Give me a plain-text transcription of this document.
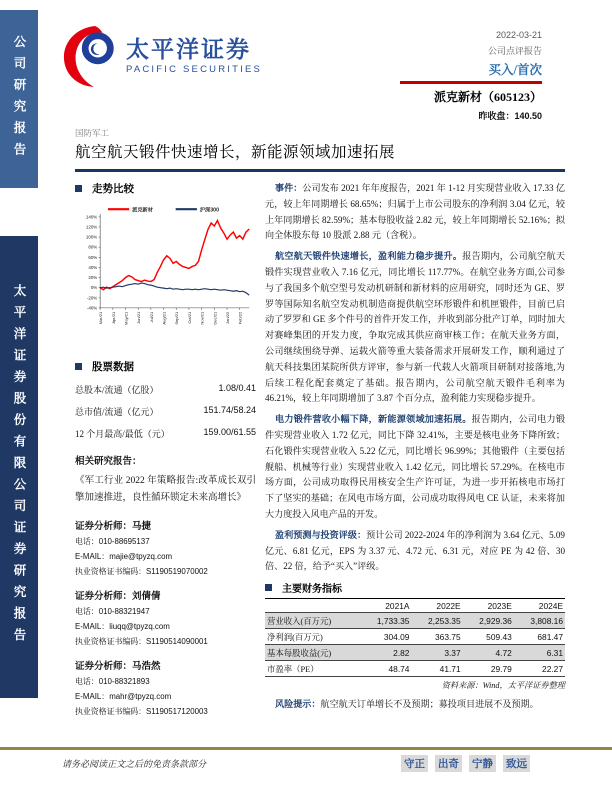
公司研究报告
太平洋证券股份有限公司证券研究报告
太平洋证券
PACIFIC SECURITIES
2022-03-21
公司点评报告
买入/首次
派克新材（605123）
昨收盘：140.50
国防军工
航空航天锻件快速增长，新能源领域加速拓展
走势比较
140%
120%
100%
80%
60%
40%
20%
0%
-20%
-40%
Mar/21 Apr/21 May/21 Jun/21 Jul/21 Aug/21 Sep/21 Oct/21 Nov/21 Dec/21 Jan/22 Feb/22
派克新材	沪深300
股票数据
总股本/流通（亿股）	1.08/0.41
总市值/流通（亿元）	151.74/58.24
12 个月最高/最低（元）	159.00/61.55
相关研究报告：
《军工行业 2022 年策略报告:改革成长双引擎加速推进，良性循环锁定未来高增长》
证券分析师：马捷
电话：010-88695137
E-MAIL：majie@tpyzq.com
执业资格证书编码：S1190519070002
证券分析师：刘倩倩
电话：010-88321947
E-MAIL：liuqq@tpyzq.com
执业资格证书编码：S1190514090001
证券分析师：马浩然
电话：010-88321893
E-MAIL：mahr@tpyzq.com
执业资格证书编码：S1190517120003

事件：公司发布 2021 年年度报告，2021 年 1-12 月实现营业收入 17.33 亿元，较上年同期增长 68.65%；归属于上市公司股东的净利润 3.04 亿元，较上年同期增长 82.59%；基本每股收益 2.82 元，较上年同期增长 52.16%；拟向全体股东每 10 股派 2.88 元（含税）。

航空航天锻件快速增长，盈利能力稳步提升。报告期内，公司航空航天锻件实现营业收入 7.16 亿元，同比增长 117.77%。在航空业务方面,公司参与了我国多个航空型号发动机研制和新材料的应用研究，同时还为 GE、罗罗等国际知名航空发动机制造商提供航空环形锻件和机匣锻件，目前已启动了罗罗和 GE 多个件号的首件开发工作，并收到部分批产订单，同时加大对赛峰集团的开发力度，争取完成其供应商审核工作；在航天业务方面，公司继续围绕导弹、运载火箭等重大装备需求开展研发工作，顺利通过了航天科技集团某院所供方评审，参与新一代载人火箭项目研制对接落地,为后续工程化配套奠定了基础。报告期内，公司航空航天锻件毛利率为 46.21%，较上年同期增加了 3.87 个百分点，盈利能力实现稳步提升。

电力锻件营收小幅下降，新能源领域加速拓展。报告期内，公司电力锻件实现营业收入 1.72 亿元，同比下降 32.41%，主要是核电业务下降所致；石化锻件实现营业收入 5.22 亿元，同比增长 96.99%；其他锻件（主要包括舰船、机械等行业）实现营业收入 1.42 亿元，同比增长 57.29%。在核电市场方面，公司成功取得民用核安全生产许可证，为进一步开拓核电市场打下了坚实的基础；在风电市场方面，公司成功取得风电 CE 认证，未来将加大力度投入风电产品的开发。

盈利预测与投资评级：预计公司 2022-2024 年的净利润为 3.64 亿元、5.09 亿元、6.81 亿元，EPS 为 3.37 元、4.72 元、6.31 元，对应 PE 为 42 倍、30 倍、22 倍，给予“买入”评级。

主要财务指标
	2021A	2022E	2023E	2024E
营业收入(百万元)	1,733.35	2,253.35	2,929.36	3,808.16
净利润(百万元)	304.09	363.75	509.43	681.47
基本每股收益(元)	2.82	3.37	4.72	6.31
市盈率（PE）	48.74	41.71	29.79	22.27
资料来源：Wind，太平洋证券整理

风险提示：航空航天订单增长不及预期；募投项目进展不及预期。

请务必阅读正文之后的免责条款部分	守正 出奇 宁静 致远
